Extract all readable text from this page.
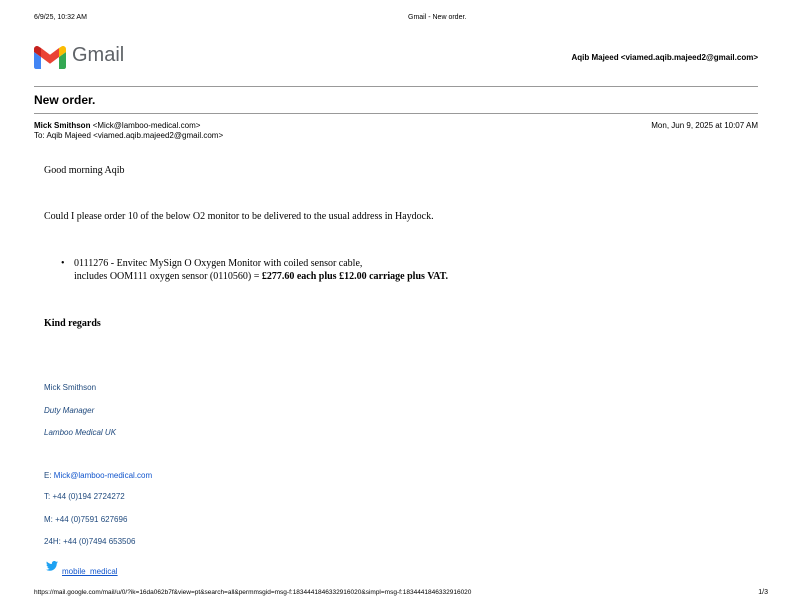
6/9/25, 10:32 AM	Gmail - New order.
Gmail	Aqib Majeed <viamed.aqib.majeed2@gmail.com>
New order.
Mick Smithson <Mick@lamboo-medical.com>
To: Aqib Majeed <viamed.aqib.majeed2@gmail.com>
Mon, Jun 9, 2025 at 10:07 AM
Good morning Aqib
Could I please order 10 of the below O2 monitor to be delivered to the usual address in Haydock.
• 0111276 - Envitec MySign O Oxygen Monitor with coiled sensor cable,
includes OOM111 oxygen sensor (0110560) = £277.60 each plus £12.00 carriage plus VAT.
Kind regards
Mick Smithson
Duty Manager
Lamboo Medical UK
E: Mick@lamboo-medical.com
T: +44 (0)194 2724272
M: +44 (0)7591 627696
24H: +44 (0)7494 653506
mobile_medical
https://mail.google.com/mail/u/0/?ik=16da062b7f&view=pt&search=all&permmsgid=msg-f:1834441846332916020&simpl=msg-f:1834441846332916020	1/3
